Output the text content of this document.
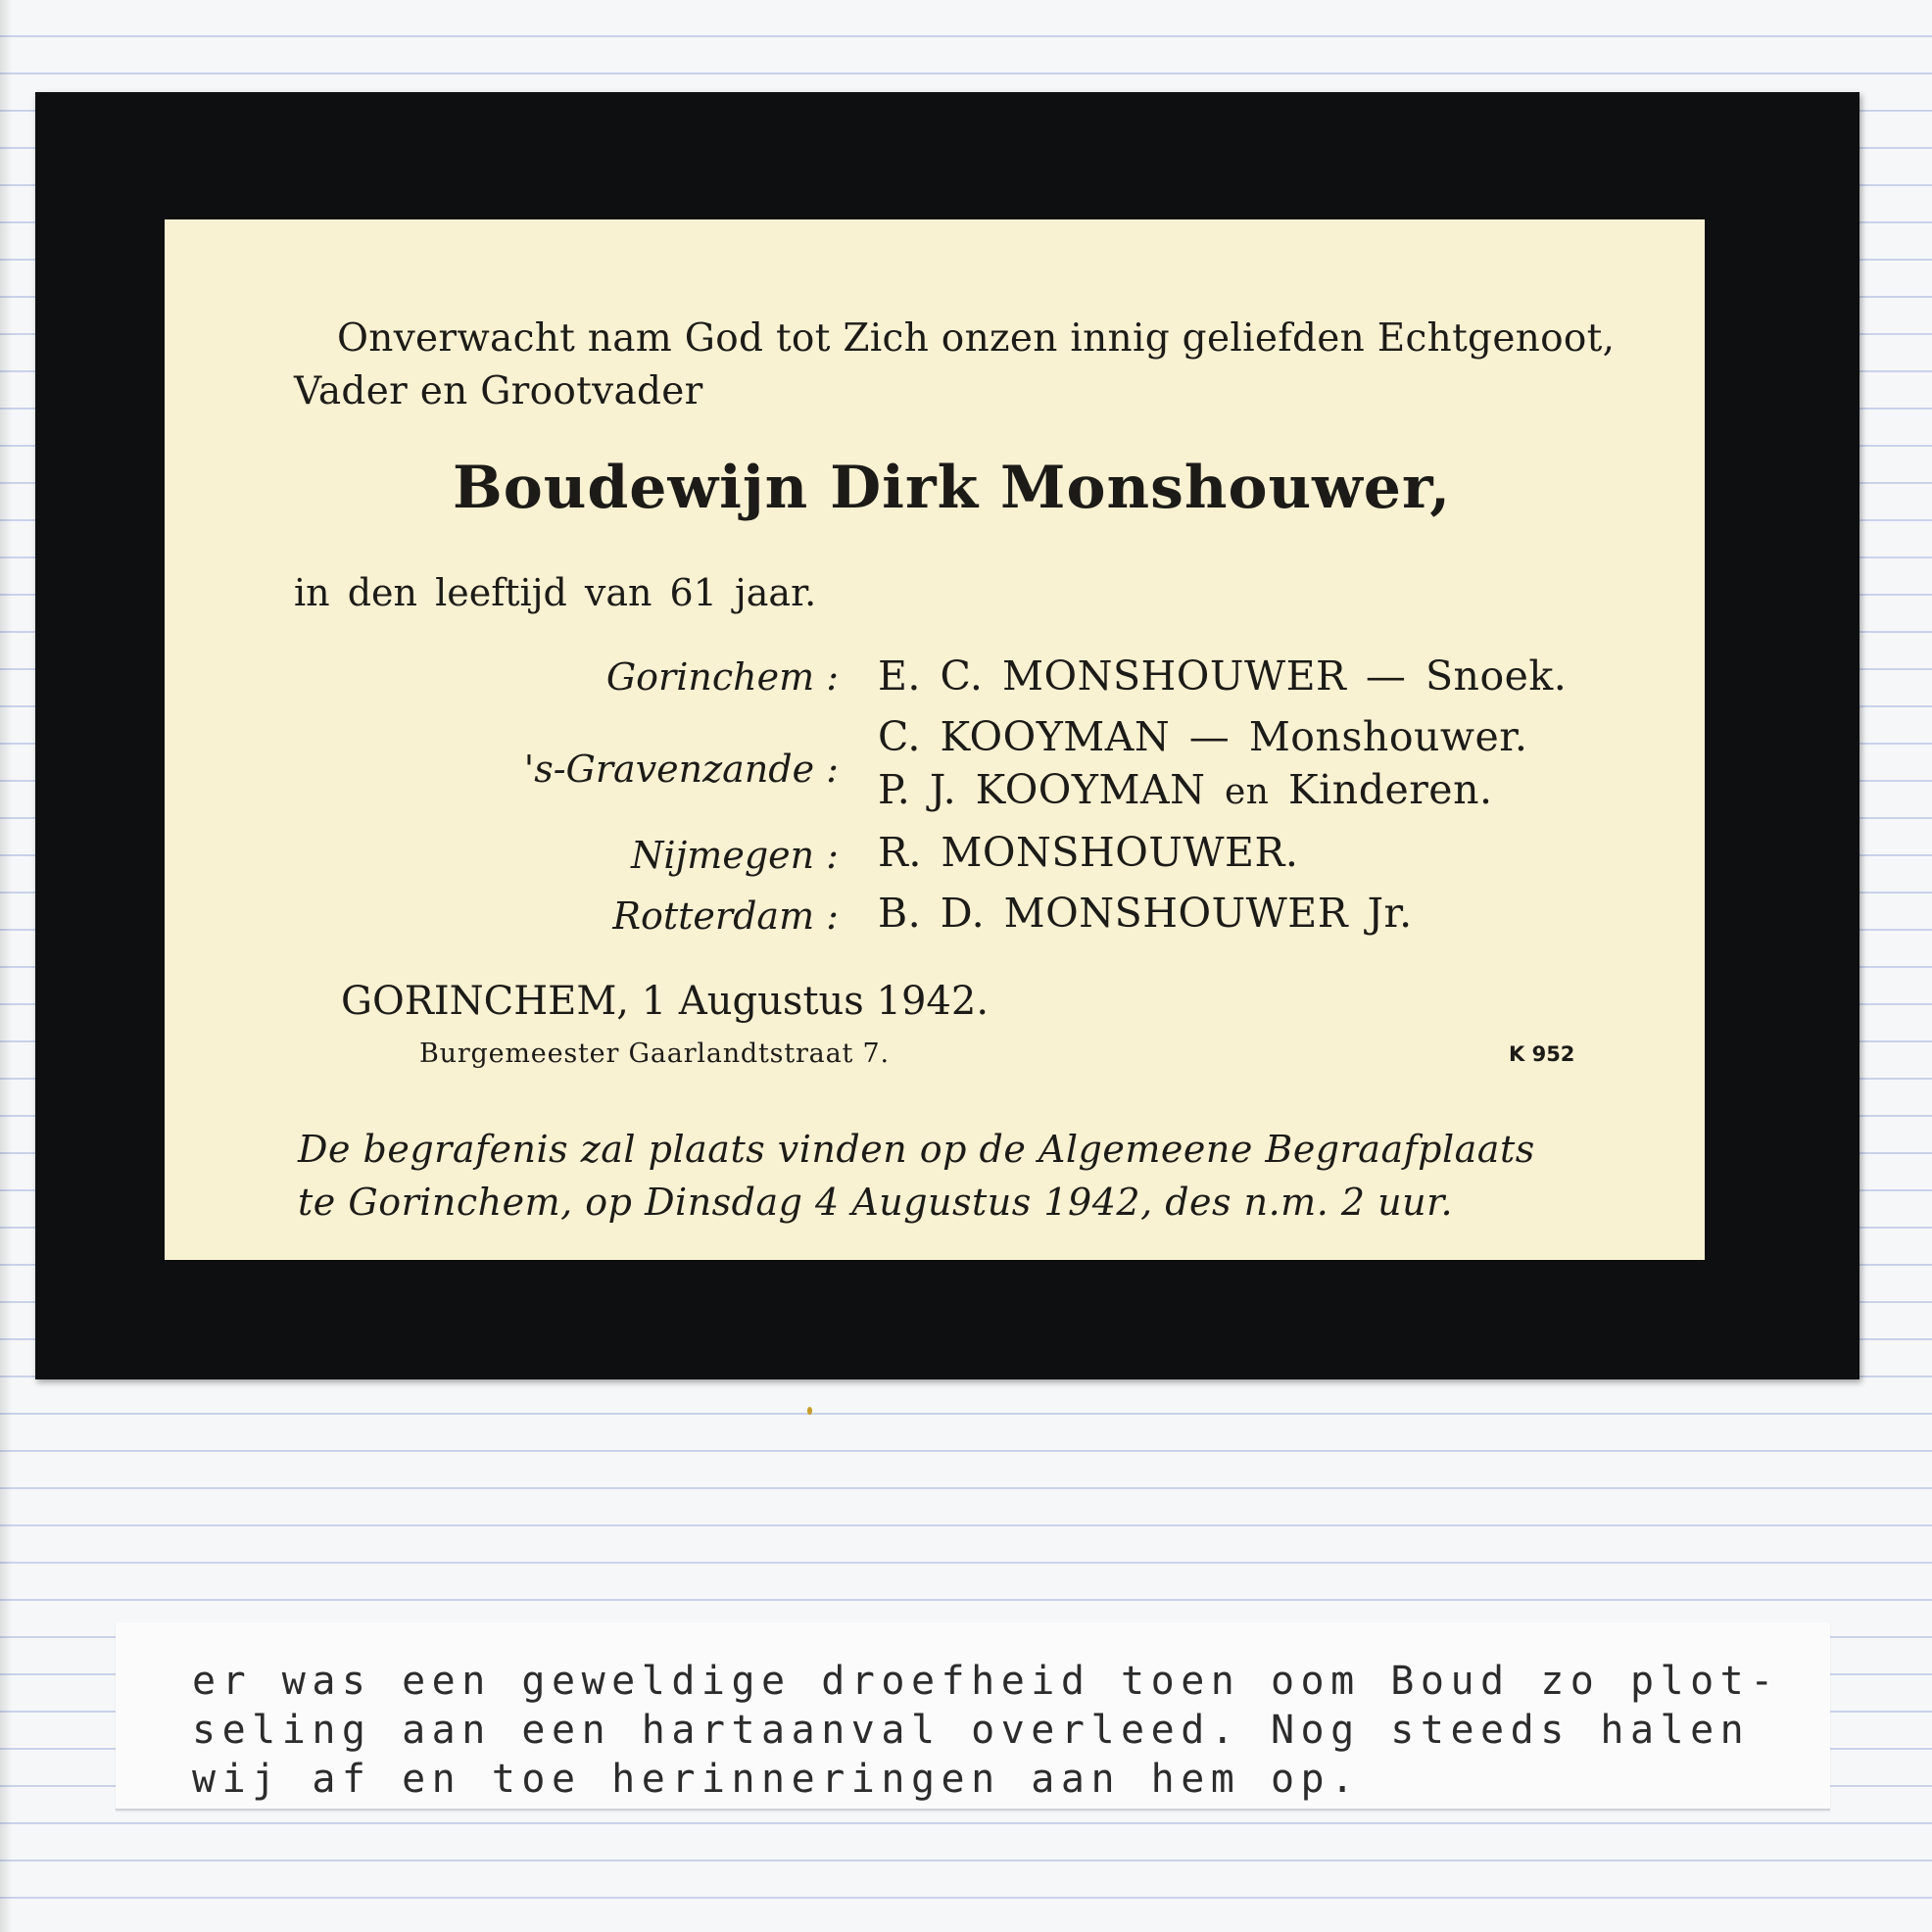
Onverwacht nam God tot Zich onzen innig geliefden Echtgenoot,
Vader en Grootvader
Boudewijn Dirk Monshouwer,
in den leeftijd van 61 jaar.
Gorinchem : E. C. MONSHOUWER — Snoek.
's-Gravenzande :
C. KOOYMAN — Monshouwer.
P. J. KOOYMAN en Kinderen.
Nijmegen : R. MONSHOUWER.
Rotterdam : B. D. MONSHOUWER Jr.
GORINCHEM, 1 Augustus 1942.
Burgemeester Gaarlandtstraat 7.	K 952
De begrafenis zal plaats vinden op de Algemeene Begraafplaats
te Gorinchem, op Dinsdag 4 Augustus 1942, des n.m. 2 uur.
er was een geweldige droefheid toen oom Boud zo plot-
seling aan een hartaanval overleed. Nog steeds halen
wij af en toe herinneringen aan hem op.
